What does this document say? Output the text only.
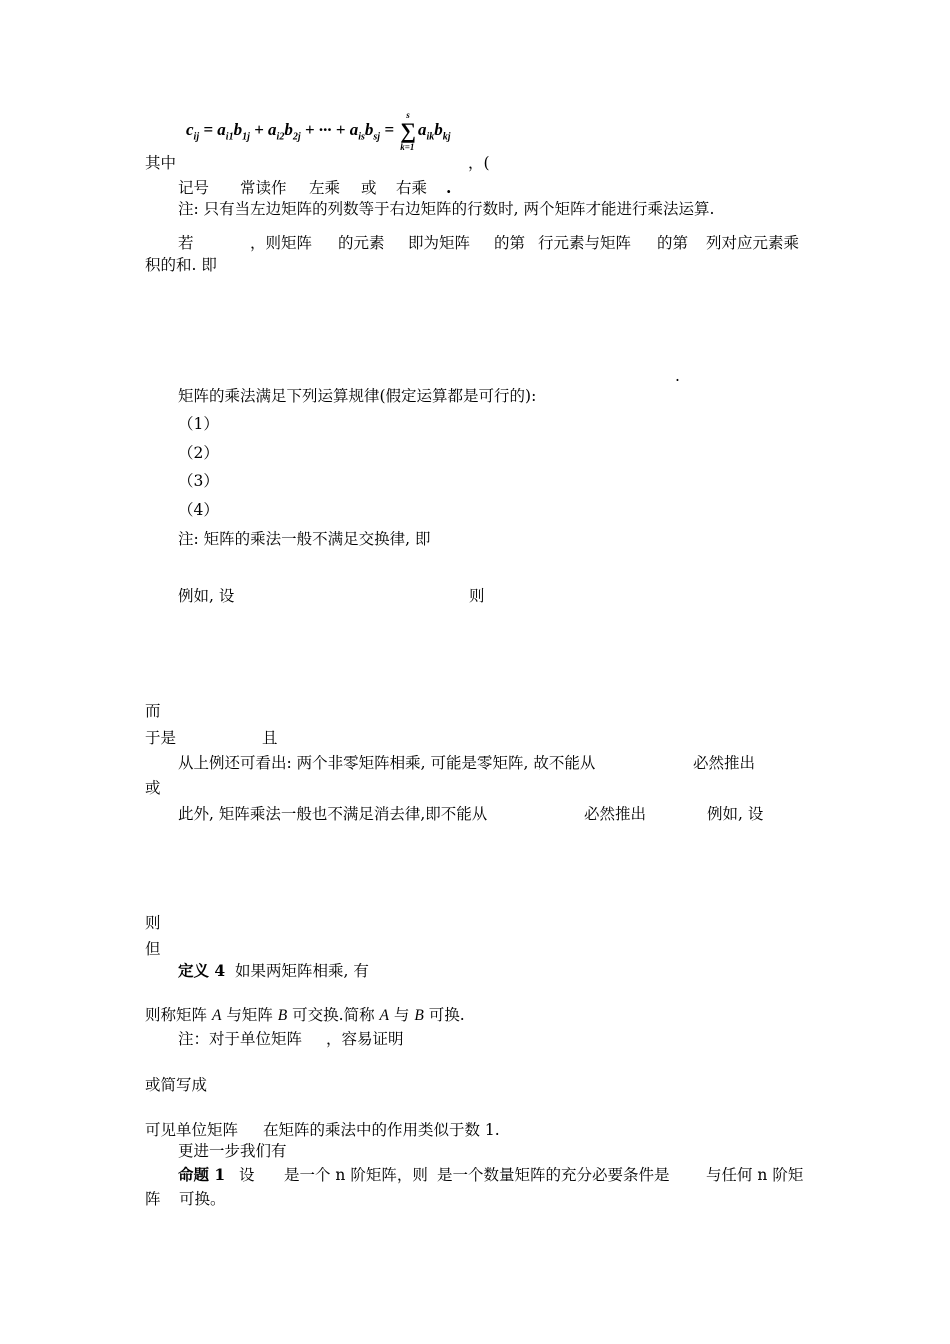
$c_{ij} = a_{i1}b_{1j} + a_{i2}b_{2j}$ + ··· + $a_{is}b_{sj}$ =
s
∑
k=1
$a_{ik}b_{kj}$
其中	，(
记号 常读作 左乘 或 右乘 .
注: 只有当左边矩阵的列数等于右边矩阵的行数时, 两个矩阵才能进行乘法运算.
若	，则矩阵 的元素 即为矩阵 的第 行元素与矩阵 的第 列对应元素乘
积的和. 即
.
矩阵的乘法满足下列运算规律(假定运算都是可行的):
（1）
（2）
（3）
（4）
注: 矩阵的乘法一般不满足交换律, 即
例如, 设	则
而
于是	且
从上例还可看出: 两个非零矩阵相乘, 可能是零矩阵, 故不能从	必然推出
或
此外, 矩阵乘法一般也不满足消去律,即不能从	必然推出	例如, 设
则
但
定义 4 如果两矩阵相乘, 有
则称矩阵 A 与矩阵 B 可交换.简称 A 与 B 可换.
注：对于单位矩阵 ，容易证明
或简写成
可见单位矩阵 在矩阵的乘法中的作用类似于数 1.
更进一步我们有
命题 1 设 是一个 n 阶矩阵，则 是一个数量矩阵的充分必要条件是 与任何 n 阶矩
阵 可换。
